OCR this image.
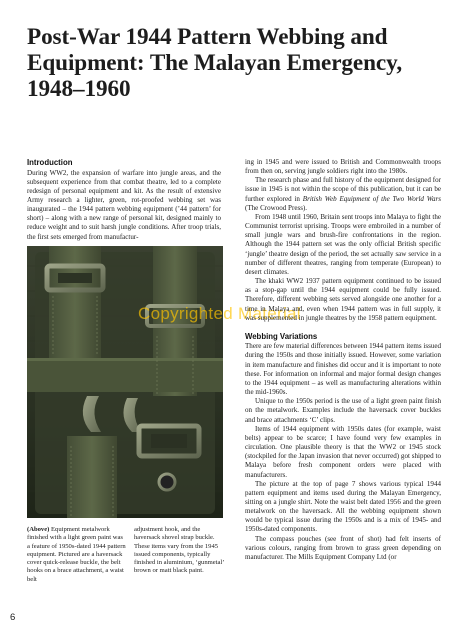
Post-War 1944 Pattern Webbing and Equipment: The Malayan Emergency, 1948–1960
Introduction

During WW2, the expansion of warfare into jungle areas, and the subsequent experience from that combat theatre, led to a complete redesign of personal equipment and kit. As the result of extensive Army research a lighter, green, rot-proofed webbing set was inaugurated – the 1944 pattern webbing equipment (’44 pattern’ for short) – along with a new range of personal kit, designed mainly to reduce weight and to suit harsh jungle conditions. After troop trials, the first sets emerged from manufactur-

Copyrighted Material

(Above) Equipment metalwork finished with a light green paint was a feature of 1950s-dated 1944 pattern equipment. Pictured are a haversack cover quick-release buckle, the belt hooks on a brace attachment, a waist belt

adjustment hook, and the haversack shovel strap buckle. These items vary from the 1945 issued components, typically finished in aluminium, ‘gunmetal’ brown or matt black paint.

ing in 1945 and were issued to British and Commonwealth troops from then on, serving jungle soldiers right into the 1980s.

The research phase and full history of the equipment designed for issue in 1945 is not within the scope of this publication, but it can be further explored in British Web Equipment of the Two World Wars (The Crowood Press).

From 1948 until 1960, Britain sent troops into Malaya to fight the Communist terrorist uprising. Troops were embroiled in a number of small jungle wars and brush-fire confrontations in the region. Although the 1944 pattern set was the only official British specific ‘jungle’ theatre design of the period, the set actually saw service in a number of different theatres, ranging from temperate (European) to desert climates.

The khaki WW2 1937 pattern equipment continued to be issued as a stop-gap until the 1944 equipment could be fully issued. Therefore, different webbing sets served alongside one another for a time in Malaya and, even when 1944 pattern was in full supply, it was supplemented in jungle theatres by the 1958 pattern equipment.

Webbing Variations

There are few material differences between 1944 pattern items issued during the 1950s and those initially issued. However, some variation in item manufacture and finishes did occur and it is important to note these. For information on informal and major formal design changes to the 1944 equipment – as well as manufacturing alterations within the mid-1960s.

Unique to the 1950s period is the use of a light green paint finish on the metalwork. Examples include the haversack cover buckles and brace attachments ‘C’ clips.

Items of 1944 equipment with 1950s dates (for example, waist belts) appear to be scarce; I have found very few examples in circulation. One plausible theory is that the WW2 or 1945 stock (stockpiled for the Japan invasion that never occurred) got shipped to Malaya before fresh component orders were placed with manufacturers.

The picture at the top of page 7 shows various typical 1944 pattern equipment and items used during the Malayan Emergency, sitting on a jungle shirt. Note the waist belt dated 1956 and the green metalwork on the haversack. All the webbing equipment shown would be typical issue during the 1950s and is a mix of 1945- and 1950s-dated components.

The compass pouches (see front of shot) had felt inserts of various colours, ranging from brown to grass green depending on manufacturer. The Mills Equipment Company Ltd (or

6
